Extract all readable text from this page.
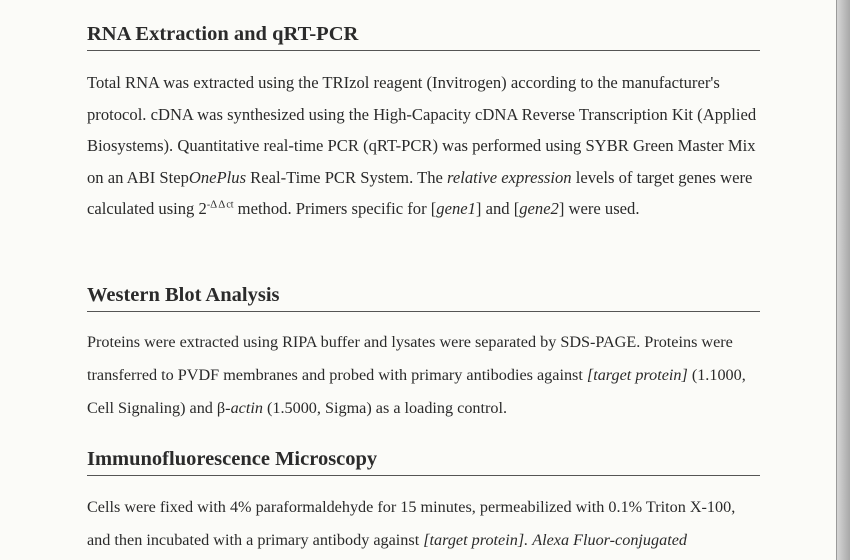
RNA Extraction and qRT-PCR

Total RNA was extracted using the TRIzol reagent (Invitrogen) according to the manufacturer's protocol. cDNA was synthesized using the High-Capacity cDNA Reverse Transcription Kit (Applied Biosystems). Quantitative real-time PCR (qRT-PCR) was performed using SYBR Green Master Mix on an ABI StepOnePlus Real-Time PCR System. The relative expression levels of target genes were calculated using $2^{-\Delta\Delta ct}$ method. Primers specific for [gene1] and [gene2] were used.

Western Blot Analysis

Proteins were extracted using RIPA buffer and lysates were separated by SDS-PAGE. Proteins were transferred to PVDF membranes and probed with primary antibodies against [target protein] (1.1000, Cell Signaling) and β-actin (1.5000, Sigma) as a loading control.

Immunofluorescence Microscopy

Cells were fixed with 4% paraformaldehyde for 15 minutes, permeabilized with 0.1% Triton X-100, and then incubated with a primary antibody against [target protein]. Alexa Fluor-conjugated
